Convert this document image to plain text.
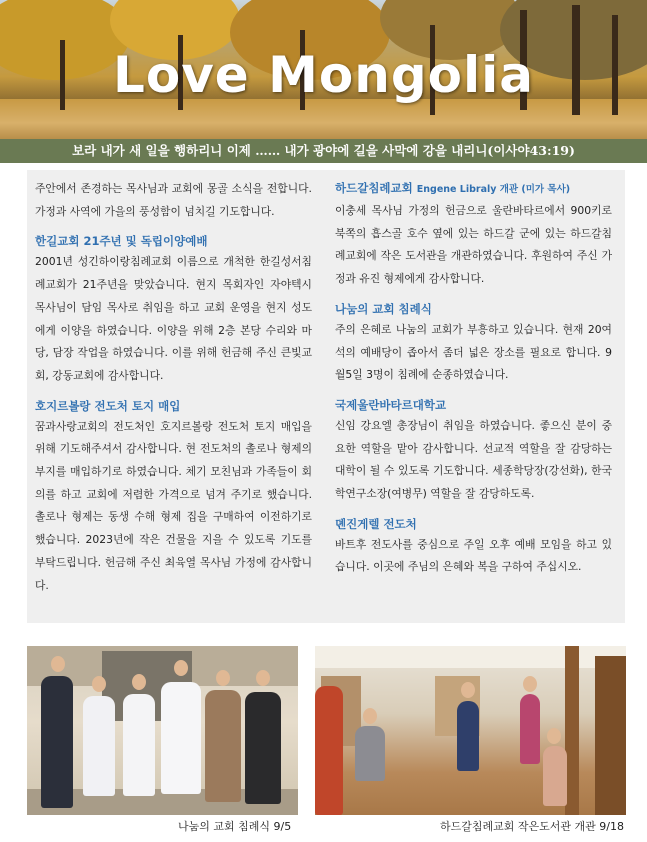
Love Mongolia
보라 내가 새 일을 행하리니 이제 …… 내가 광야에 길을 사막에 강을 내리니(이사야43:19)
주안에서 존경하는 목사님과 교회에 몽골 소식을 전합니다. 가정과 사역에 가을의 풍성함이 넘치길 기도합니다.
한길교회 21주년 및 독립이양예배
2001년 성긴하이랑침례교회 이름으로 개척한 한길성서침례교회가 21주년을 맞았습니다. 현지 목회자인 자야텍시 목사님이 담임 목사로 취임을 하고 교회 운영을 현지 성도에게 이양을 하였습니다. 이양을 위해 2층 본당 수리와 마당, 담장 작업을 하였습니다. 이를 위해 헌금해 주신 큰빛교회, 강동교회에 감사합니다.
호지르볼랑 전도처 토지 매입
꿈과사랑교회의 전도처인 호지르볼랑 전도처 토지 매입을 위해 기도해주셔서 감사합니다. 현 전도처의 촐로나 형제의 부지를 매입하기로 하였습니다. 체기 모친님과 가족들이 회의를 하고 교회에 저렴한 가격으로 넘겨 주기로 했습니다. 촐로나 형제는 동생 수해 형제 집을 구매하여 이전하기로 했습니다. 2023년에 작은 건물을 지을 수 있도록 기도를 부탁드립니다. 헌금해 주신 최육열 목사님 가정에 감사합니다.
하드갈침례교회 Engene Libraly 개관 (미가 목사)
이충세 목사님 가정의 헌금으로 울란바타르에서 900키로 북쪽의 흡스골 호수 옆에 있는 하드갈 군에 있는 하드갈침례교회에 작은 도서관을 개관하였습니다. 후원하여 주신 가정과 유진 형제에게 감사합니다.
나눔의 교회 침례식
주의 은혜로 나눔의 교회가 부흥하고 있습니다. 현재 20여 석의 예배당이 좁아서 좀더 넓은 장소를 필요로 합니다. 9월5일 3명이 침례에 순종하였습니다.
국제울란바타르대학교
신임 강요엘 총장님이 취임을 하였습니다. 좋으신 분이 중요한 역할을 맡아 감사합니다. 선교적 역할을 잘 감당하는 대학이 될 수 있도록 기도합니다. 세종학당장(강선화), 한국학연구소장(여병무) 역할을 잘 감당하도록.
뎬진게렐 전도처
바트후 전도사를 중심으로 주일 오후 예배 모임을 하고 있습니다. 이곳에 주님의 은혜와 복을 구하여 주십시오.
나눔의 교회 침례식 9/5	하드갈침례교회 작은도서관 개관 9/18
